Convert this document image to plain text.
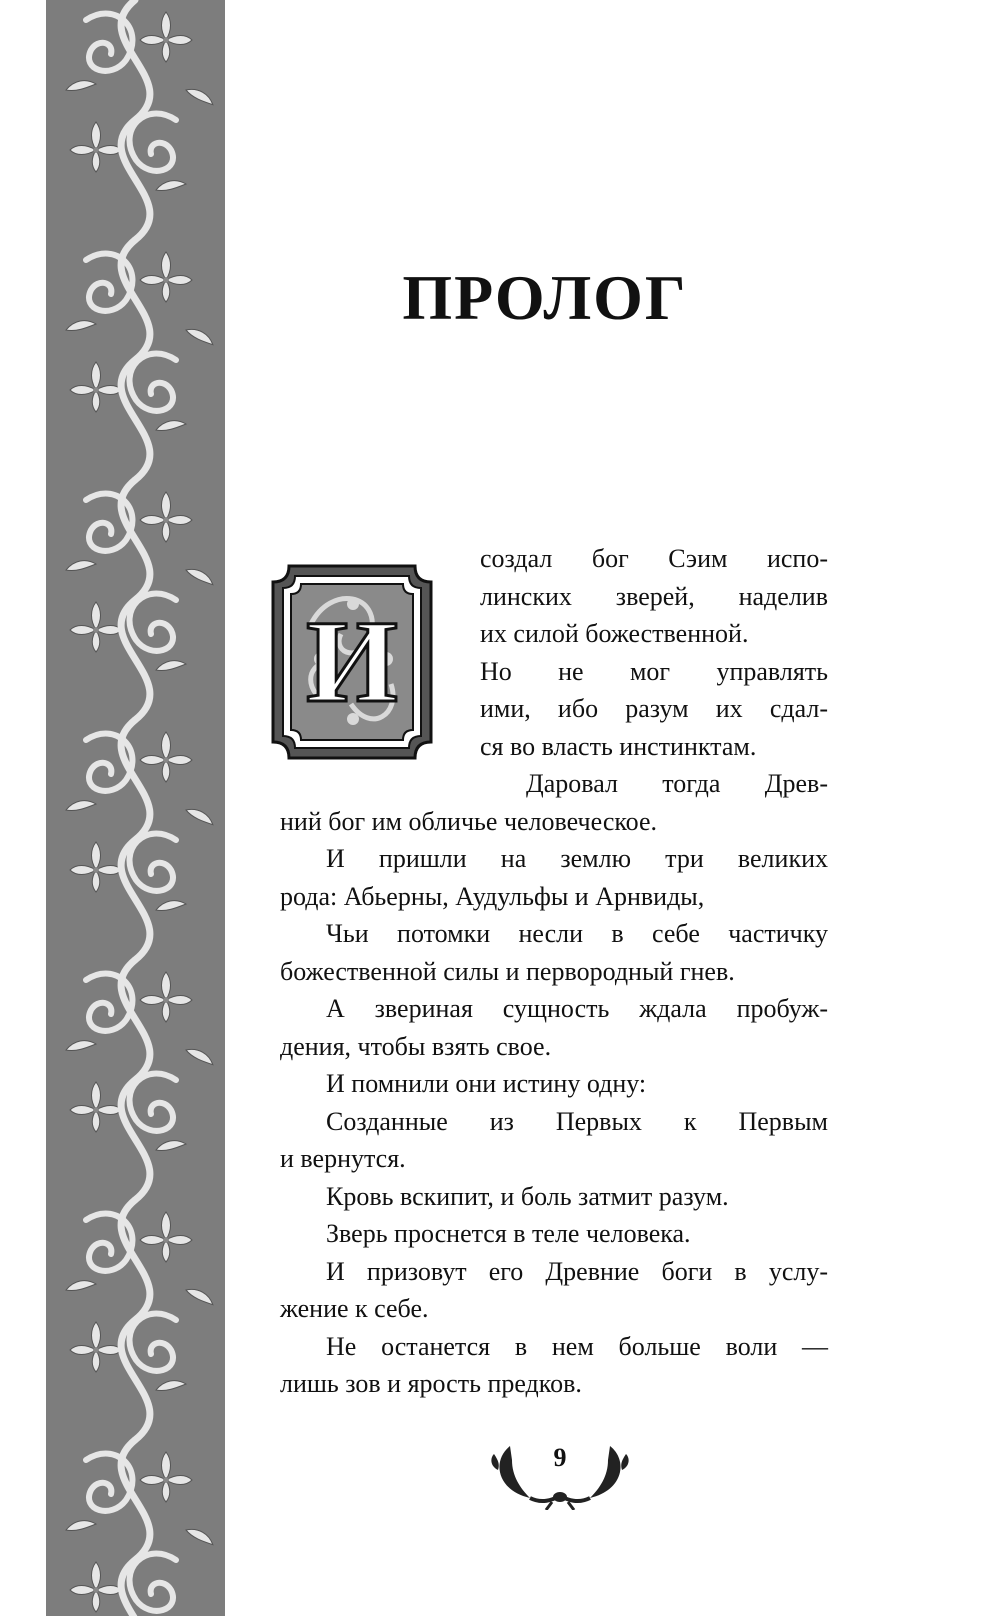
ПРОЛОГ
И
создал бог Сэим испо-
линских зверей, наделив
их силой божественной.
Но не мог управлять
ими, ибо разум их сдал-
ся во власть инстинктам.
Даровал тогда Древ-
ний бог им обличье человеческое.
И пришли на землю три великих
рода: Абьерны, Аудульфы и Арнвиды,
Чьи потомки несли в себе частичку
божественной силы и первородный гнев.
А звериная сущность ждала пробуж-
дения, чтобы взять свое.
И помнили они истину одну:
Созданные из Первых к Первым
и вернутся.
Кровь вскипит, и боль затмит разум.
Зверь проснется в теле человека.
И призовут его Древние боги в услу-
жение к себе.
Не останется в нем больше воли —
лишь зов и ярость предков.
9
